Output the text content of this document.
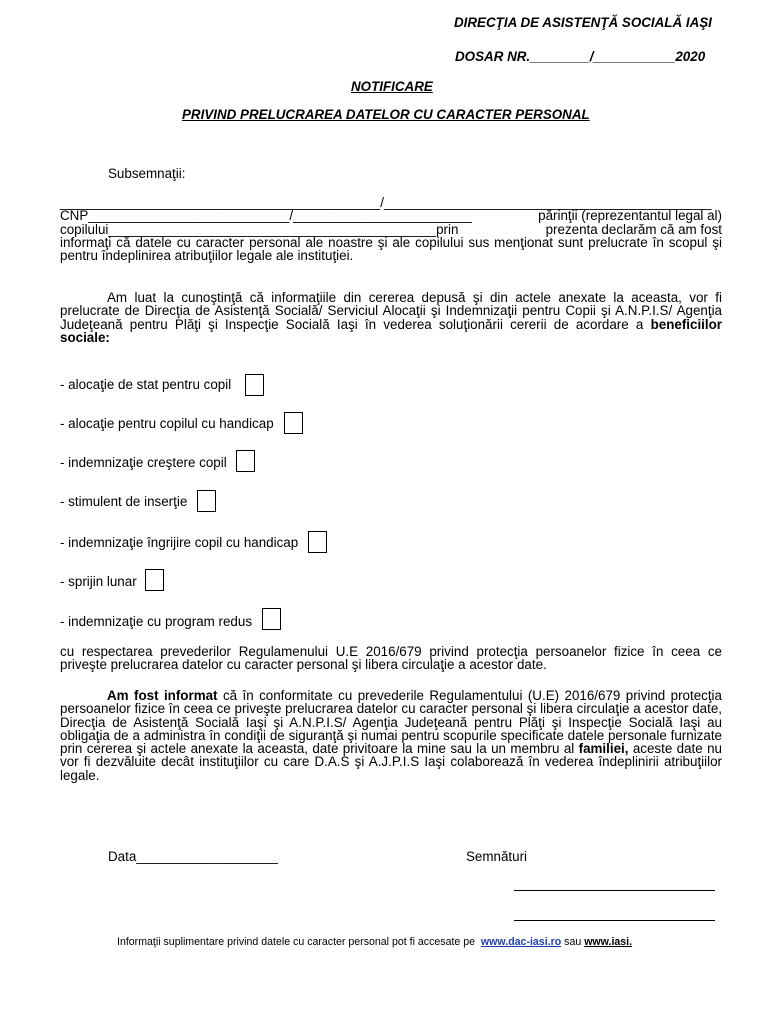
DIRECŢIA DE ASISTENŢĂ SOCIALĂ IAŞI
DOSAR NR.________/___________2020
NOTIFICARE
PRIVIND PRELUCRAREA DATELOR CU CARACTER PERSONAL
Subsemnaţii:
___________________________________________/____________________________________________
CNP___________________________/________________________	părinţii (reprezentantul legal al)
copilului____________________________________________prin	prezenta declarăm că am fost
informaţi că datele cu caracter personal ale noastre şi ale copilului sus menţionat sunt prelucrate în scopul şi pentru îndeplinirea atribuţiilor legale ale instituţiei.
Am luat la cunoştinţă că informaţiile din cererea depusă şi din actele anexate la aceasta, vor fi prelucrate de Direcţia de Asistenţă Socială/ Serviciul Alocaţii şi Indemnizaţii pentru Copii şi A.N.P.I.S/ Agenţia Judeţeană pentru Plăţi şi Inspecţie Socială Iaşi în vederea soluţionării cererii de acordare a beneficiilor sociale:
- alocaţie de stat pentru copil
- alocaţie pentru copilul cu handicap
- indemnizaţie creştere copil
- stimulent de inserţie
- indemnizaţie îngrijire copil cu handicap
- sprijin lunar
- indemnizaţie cu program redus
cu respectarea prevederilor Regulamenului U.E 2016/679 privind protecţia persoanelor fizice în ceea ce priveşte prelucrarea datelor cu caracter personal şi libera circulaţie a acestor date.
Am fost informat că în conformitate cu prevederile Regulamentului (U.E) 2016/679 privind protecţia persoanelor fizice în ceea ce priveşte prelucrarea datelor cu caracter personal şi libera circulaţie a acestor date, Direcţia de Asistenţă Socială Iaşi şi A.N.P.I.S/ Agenţia Judeţeană pentru Plăţi şi Inspecţie Socială Iaşi au obligaţia de a administra în condiţii de siguranţă şi numai pentru scopurile specificate datele personale furnizate prin cererea şi actele anexate la aceasta, date privitoare la mine sau la un membru al familiei, aceste date nu vor fi dezvăluite decât instituţiilor cu care D.A.S şi A.J.P.I.S Iaşi colaborează în vederea îndeplinirii atribuţiilor legale.
Data___________________	Semnături
Informaţii suplimentare privind datele cu caracter personal pot fi accesate pe www.dac-iasi.ro sau www.iasi.
